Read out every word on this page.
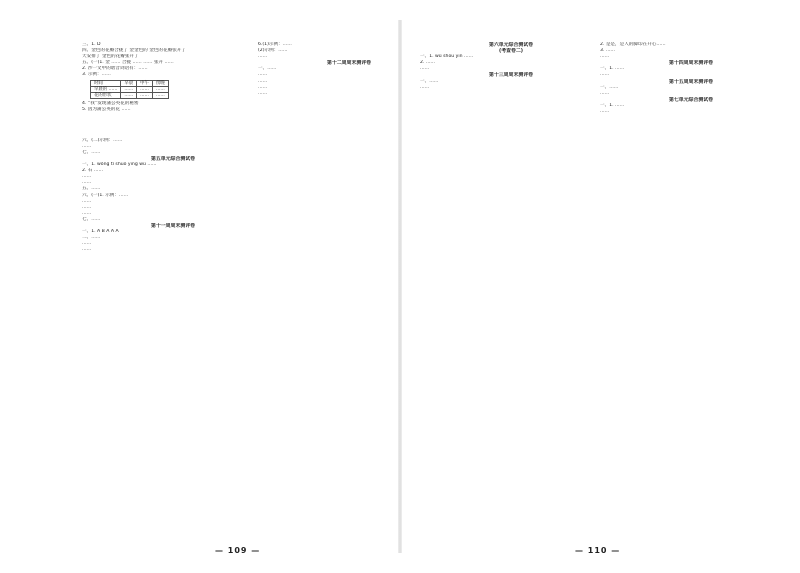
三、1. D
四、金色的花瓣合拢了 金金色的 金色的花瓣张开了
天安排了 金色的花瓣张开了
五、(一)1. 金 …… 合拢 …… …… 张开 ……
2. 沙一文中的谐音词语有：……
3. 示例：……
时间	早晨	中午	傍晚
早晨的 ……	……	……	……
花的形状	……	……	……
4. “我”发现蒲公英花的秘密
5. 因为蒲公英的花 ……
六、(二)示例：……
……
七、……
第五单元综合测试卷
一、1. wǒng tí shuò yīng wú ……
2. 石 ……
……
……
五、……
六、(一)1. 示例：……
……
……
……
七、……
第十一周周末测评卷
一、1. A B A A A
二、……
……
……
6.(1)示例：……
(2)示例：……
……
第十二周周末测评卷
一、……
……
……
……
……
第六单元综合测试卷
(考查卷二)
一、1. wǔ shōu yīn ……
2. ……
……
第十三周周末测评卷
一、……
……
2. 是是，是人的脚印在开心……
3. ……
……
第十四周周末测评卷
一、1. ……
……
第十五周周末测评卷
一、……
……
第七单元综合测试卷
一、1. ……
……
— 109 —	— 110 —
